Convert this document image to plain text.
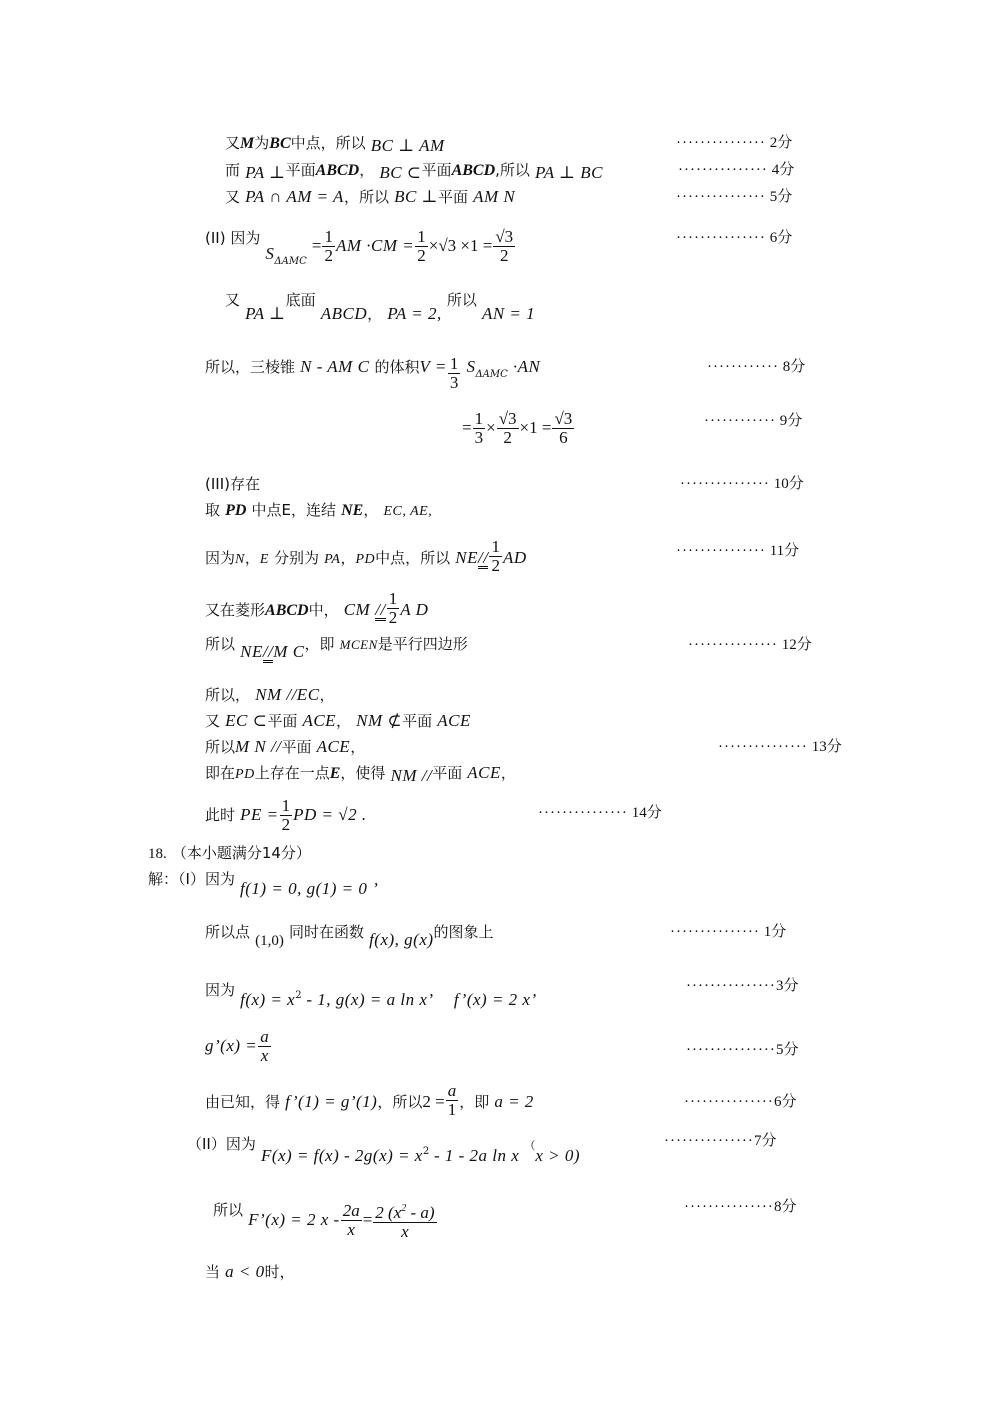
又M为BC中点，所以 BC ⊥ AM	··············· 2分
而 PA ⊥平面ABCD， BC ⊂平面ABCD,所以 PA ⊥ BC	··············· 4分
又 PA ∩ AM = A，所以 BC ⊥平面 AM N	··············· 5分
(II) 因为 $S_{\Delta AMC} = \frac{1}{2}$ AM $\cdot CM = \frac{1}{2} \times√3 \times 1 = \frac{√3}{2}$	··············· 6分
又 PA ⊥底面 ABCD， PA = 2, 所以 AN = 1
所以，三棱锥 N - AM C 的体积$V = \frac{1}{3} S_{\Delta AMC} \cdot AN$	············ 8分
= $\frac{1}{3} \times \frac{√3}{2} \times 1 = \frac{√3}{6}$	············ 9分
(III)存在	··············· 10分
取 PD 中点E，连结 NE， EC, AE,
因为N，E 分别为 PA，PD中点，所以 $NE// \frac{1}{2}$ AD	··············· 11分
又在菱形ABCD中， CM // $\frac{1}{2}$ A D
所以 NE//M C，即 MCEN是平行四边形	··············· 12分
所以， NM //EC，
又 EC ⊂平面 ACE， NM ⊄平面 ACE
所以M N //平面 ACE，	··············· 13分
即在PD上存在一点E，使得 NM //平面 ACE，
此时 PE = $\frac{1}{2}$ PD = √2 .	··············· 14分
18. （本小题满分14分）
解：（I）因为 f(1) = 0, g(1) = 0 ’
所以点 (1,0) 同时在函数 f(x), g(x)的图象上	··············· 1分
因为 $f(x) = x^2 - 1$, g(x) = a ln x’ f’(x) = 2 x’
···············3分
g’(x) = $\frac{a}{x}$	···············5分
由已知，得 f’(1) = g’(1)，所以$2 = \frac{a}{1}$ ，即 a = 2	···············6分
（II）因为 $F(x) = f(x) - 2g(x) = x^2 - 1 - 2a$ ln x （x > 0)
···············7分
所以 F’(x) = 2 $x - \frac{2a}{x} = \frac{2 (x^2 - a)}{x}$	···············8分
当 a < 0时，
